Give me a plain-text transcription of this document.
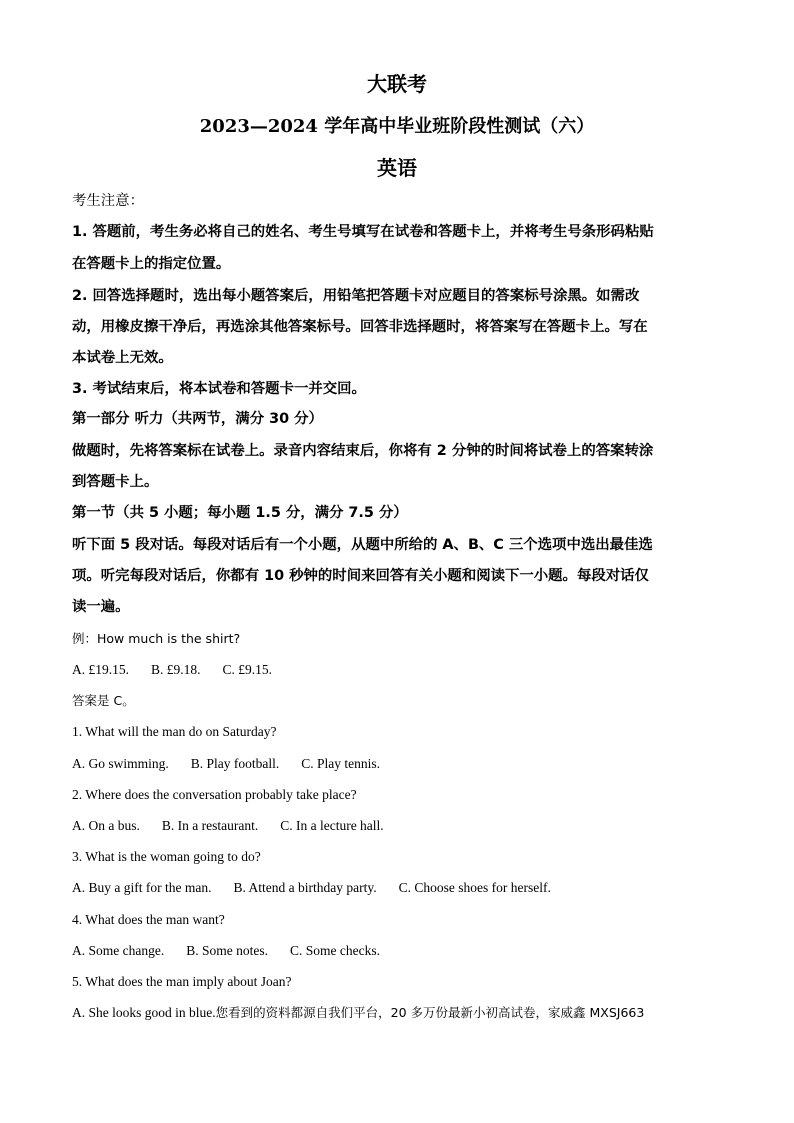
大联考
2023—2024 学年高中毕业班阶段性测试（六）
英语
考生注意：
1. 答题前，考生务必将自己的姓名、考生号填写在试卷和答题卡上，并将考生号条形码粘贴
在答题卡上的指定位置。
2. 回答选择题时，选出每小题答案后，用铅笔把答题卡对应题目的答案标号涂黑。如需改
动，用橡皮擦干净后，再选涂其他答案标号。回答非选择题时，将答案写在答题卡上。写在
本试卷上无效。
3. 考试结束后，将本试卷和答题卡一并交回。
第一部分 听力（共两节，满分 30 分）
做题时，先将答案标在试卷上。录音内容结束后，你将有 2 分钟的时间将试卷上的答案转涂
到答题卡上。
第一节（共 5 小题；每小题 1.5 分，满分 7.5 分）
听下面 5 段对话。每段对话后有一个小题，从题中所给的 A、B、C 三个选项中选出最佳选
项。听完每段对话后，你都有 10 秒钟的时间来回答有关小题和阅读下一小题。每段对话仅
读一遍。
例：How much is the shirt?
A. £19.15. B. £9.18. C. £9.15.
答案是 C。
1. What will the man do on Saturday?
A. Go swimming. B. Play football. C. Play tennis.
2. Where does the conversation probably take place?
A. On a bus. B. In a restaurant. C. In a lecture hall.
3. What is the woman going to do?
A. Buy a gift for the man. B. Attend a birthday party. C. Choose shoes for herself.
4. What does the man want?
A. Some change. B. Some notes. C. Some checks.
5. What does the man imply about Joan?
A. She looks good in blue.您看到的资料都源自我们平台，20 多万份最新小初高试卷，家威鑫 MXSJ663
